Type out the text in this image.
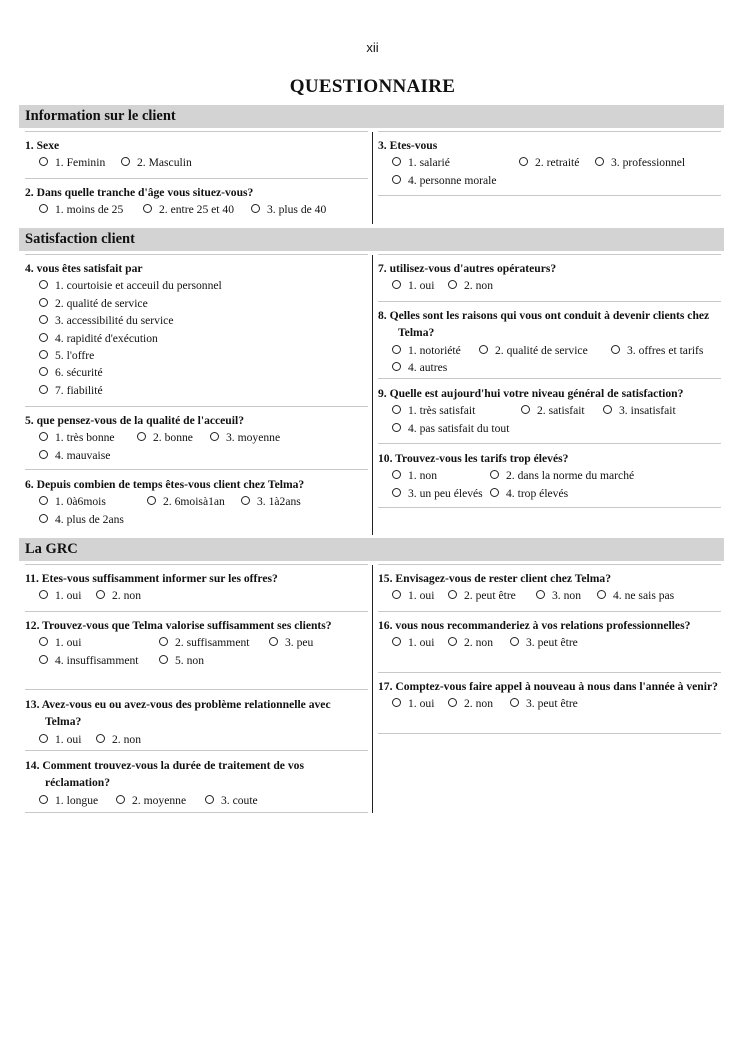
xii
QUESTIONNAIRE
Information sur le client
1. Sexe
1. Feminin	2. Masculin
2. Dans quelle tranche d'âge vous situez-vous?
1. moins de 25	2. entre 25 et 40	3. plus de 40
3. Etes-vous
1. salarié	2. retraité	3. professionnel
4. personne morale
Satisfaction client
4. vous êtes satisfait par
1. courtoisie et acceuil du personnel
2. qualité de service
3. accessibilité du service
4. rapidité d'exécution
5. l'offre
6. sécurité
7. fiabilité
5. que pensez-vous de la qualité de l'acceuil?
1. très bonne	2. bonne	3. moyenne
4. mauvaise
6. Depuis combien de temps êtes-vous client chez Telma?
1. 0à6mois	2. 6moisà1an	3. 1à2ans
4. plus de 2ans
7. utilisez-vous d'autres opérateurs?
1. oui	2. non
8. Qelles sont les raisons qui vous ont conduit à devenir clients chez Telma?
1. notoriété	2. qualité de service	3. offres et tarifs
4. autres
9. Quelle est aujourd'hui votre niveau général de satisfaction?
1. très satisfait	2. satisfait	3. insatisfait
4. pas satisfait du tout
10. Trouvez-vous les tarifs trop élevés?
1. non	2. dans la norme du marché
3. un peu élevés	4. trop élevés
La GRC
11. Etes-vous suffisamment informer sur les offres?
1. oui	2. non
12. Trouvez-vous que Telma valorise suffisamment ses clients?
1. oui	2. suffisamment	3. peu
4. insuffisamment	5. non
13. Avez-vous eu ou avez-vous des problème relationnelle avec Telma?
1. oui	2. non
14. Comment trouvez-vous la durée de traitement de vos réclamation?
1. longue	2. moyenne	3. coute
15. Envisagez-vous de rester client chez Telma?
1. oui	2. peut être	3. non	4. ne sais pas
16. vous nous recommanderiez à vos relations professionnelles?
1. oui	2. non	3. peut être
17. Comptez-vous faire appel à nouveau à nous dans l'année à venir?
1. oui	2. non	3. peut être
